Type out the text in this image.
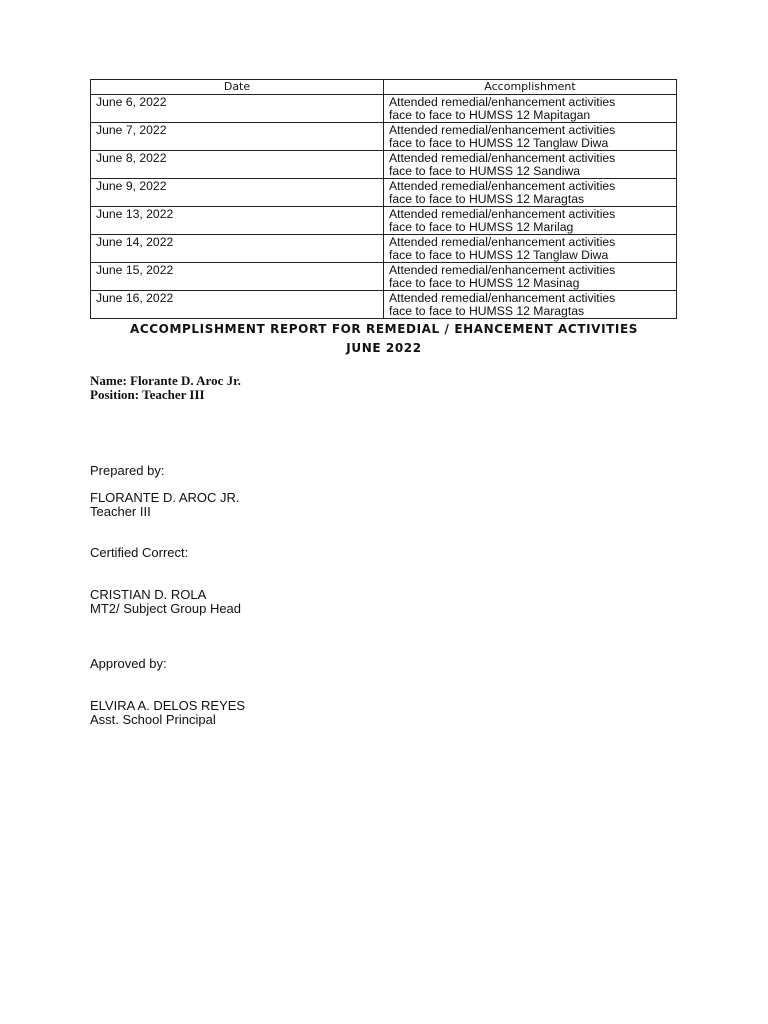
Date	Accomplishment
June 6, 2022	Attended remedial/enhancement activities
face to face to HUMSS 12 Mapitagan

June 7, 2022	Attended remedial/enhancement activities
face to face to HUMSS 12 Tanglaw Diwa

June 8, 2022	Attended remedial/enhancement activities
face to face to HUMSS 12 Sandiwa

June 9, 2022	Attended remedial/enhancement activities
face to face to HUMSS 12 Maragtas

June 13, 2022	Attended remedial/enhancement activities
face to face to HUMSS 12 Marilag

June 14, 2022	Attended remedial/enhancement activities
face to face to HUMSS 12 Tanglaw Diwa

June 15, 2022	Attended remedial/enhancement activities
face to face to HUMSS 12 Masinag

June 16, 2022	Attended remedial/enhancement activities
face to face to HUMSS 12 Maragtas
ACCOMPLISHMENT REPORT FOR REMEDIAL / EHANCEMENT ACTIVITIES
JUNE 2022
Name: Florante D. Aroc Jr.
Position: Teacher III
Prepared by:
FLORANTE D. AROC JR.
Teacher III
Certified Correct:
CRISTIAN D. ROLA
MT2/ Subject Group Head
Approved by:
ELVIRA A. DELOS REYES
Asst. School Principal
